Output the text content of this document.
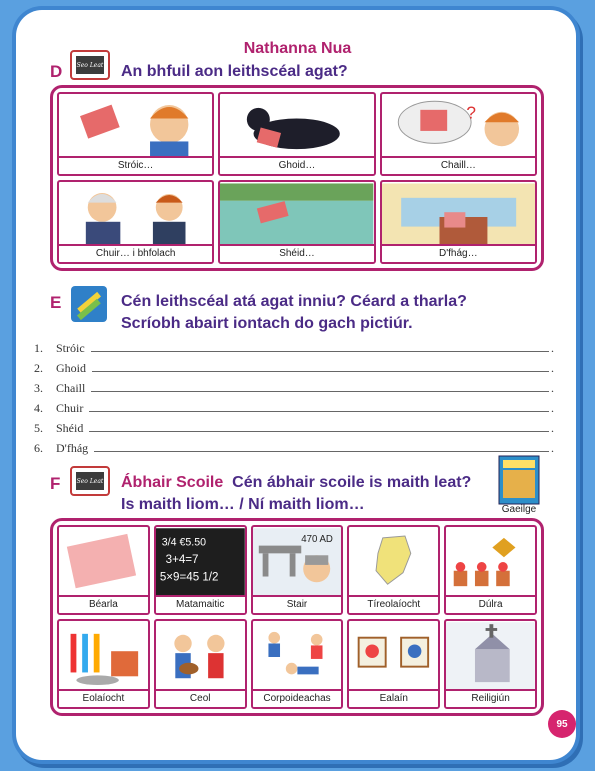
Nathanna Nua
D Seo Leat An bhfuil aon leithscéal agat?
Stróic…	Ghoid…
?
Chaill…
Chuir… i bhfolach	Shéid…	D'fhág…
E	Cén leithscéal atá agat inniu? Céard a tharla?
Scríobh abairt iontach do gach pictiúr.
1.	Stróic	.
2.	Ghoid	.
3.	Chaill	.
4.	Chuir	.
5.	Shéid	.
6.	D'fhág	.
F	Seo Leat Ábhair Scoile Cén ábhair scoile is maith leat?
Is maith liom… / Ní maith liom…	Gaeilge
Béarla
3/4 €5.50
3+4=7
5×9=45 1/2
Matamaitic
470 AD
Stair	Tíreolaíocht	Dúlra
Eolaíocht	Ceol	Corpoideachas	Ealaín	Reiligiún
95
